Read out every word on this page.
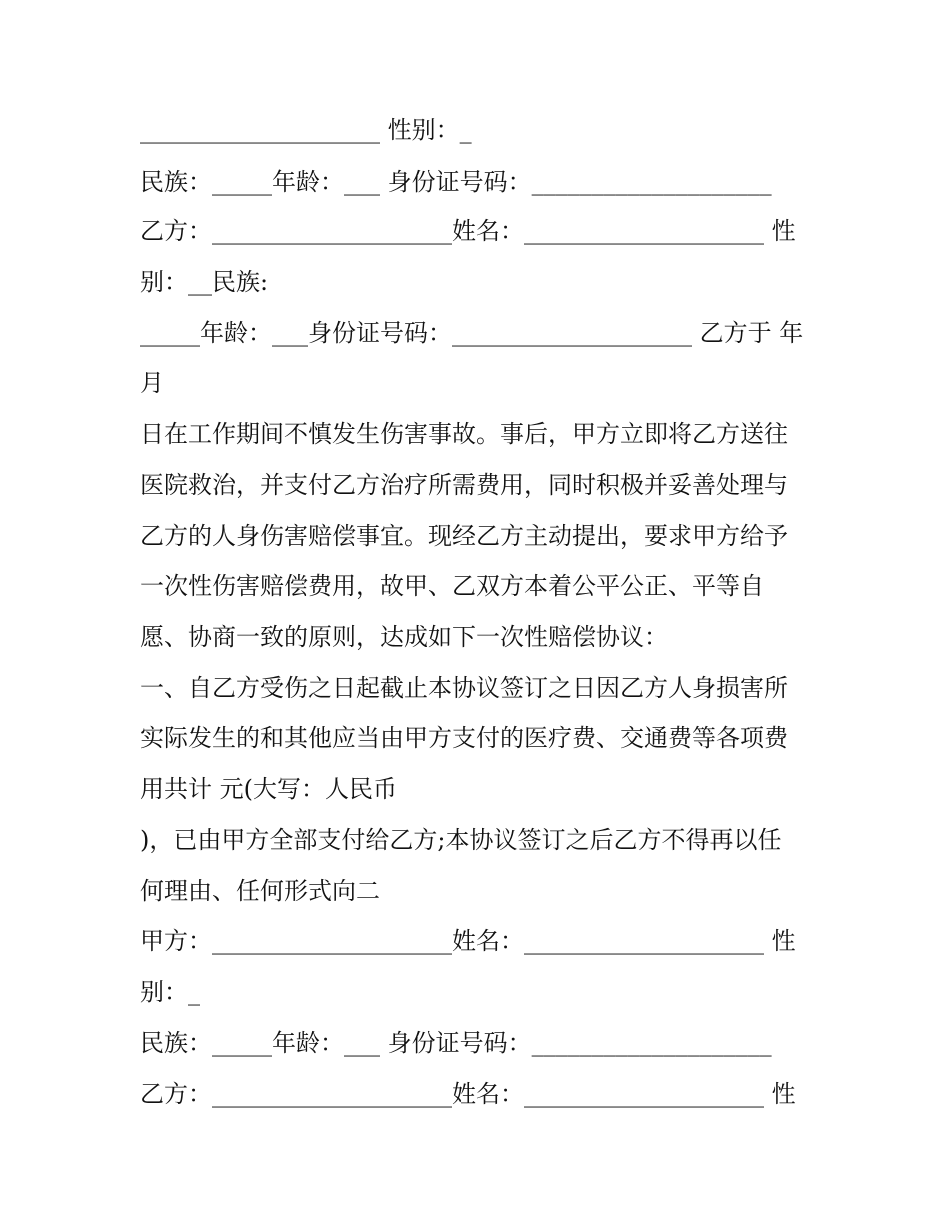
____________________ 性别：_
民族：_____年龄：___ 身份证号码：____________________
乙方：____________________姓名：____________________ 性
别：__民族:
_____年龄：___身份证号码：____________________ 乙方于 年
月
日在工作期间不慎发生伤害事故。事后，甲方立即将乙方送往
医院救治，并支付乙方治疗所需费用，同时积极并妥善处理与
乙方的人身伤害赔偿事宜。现经乙方主动提出，要求甲方给予
一次性伤害赔偿费用，故甲、乙双方本着公平公正、平等自
愿、协商一致的原则，达成如下一次性赔偿协议：
一、自乙方受伤之日起截止本协议签订之日因乙方人身损害所
实际发生的和其他应当由甲方支付的医疗费、交通费等各项费
用共计 元(大写：人民币
)，已由甲方全部支付给乙方;本协议签订之后乙方不得再以任
何理由、任何形式向二
甲方：____________________姓名：____________________ 性
别：_
民族：_____年龄：___ 身份证号码：____________________
乙方：____________________姓名：____________________ 性
